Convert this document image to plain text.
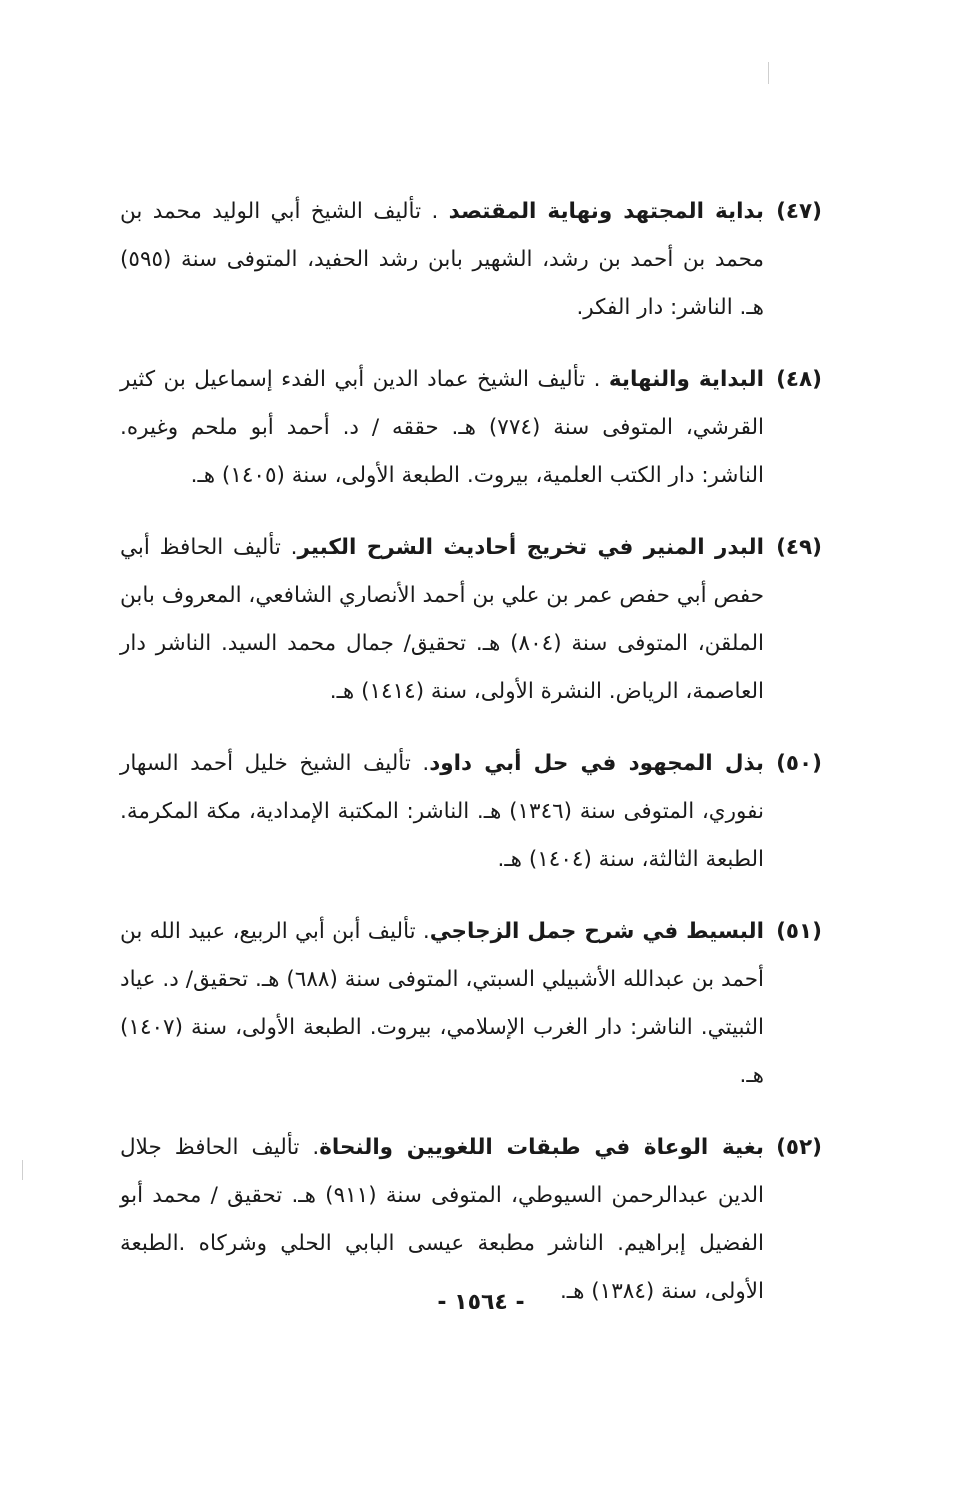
(٤٧)
بداية المجتهد ونهاية المقتصد . تأليف الشيخ أبي الوليد محمد بن محمد بن أحمد بن رشد، الشهير بابن رشد الحفيد، المتوفى سنة (٥٩٥) هـ. الناشر: دار الفكر.
(٤٨)
البداية والنهاية . تأليف الشيخ عماد الدين أبي الفدء إسماعيل بن كثير القرشي، المتوفى سنة (٧٧٤) هـ. حققه / د. أحمد أبو ملحم وغيره. الناشر: دار الكتب العلمية، بيروت. الطبعة الأولى، سنة (١٤٠٥) هـ.
(٤٩)
البدر المنير في تخريج أحاديث الشرح الكبير. تأليف الحافظ أبي حفص أبي حفص عمر بن علي بن أحمد الأنصاري الشافعي، المعروف بابن الملقن، المتوفى سنة (٨٠٤) هـ. تحقيق/ جمال محمد السيد. الناشر دار العاصمة، الرياض. النشرة الأولى، سنة (١٤١٤) هـ.
(٥٠)
بذل المجهود في حل أبي داود. تأليف الشيخ خليل أحمد السهار نفوري، المتوفى سنة (١٣٤٦) هـ. الناشر: المكتبة الإمدادية، مكة المكرمة. الطبعة الثالثة، سنة (١٤٠٤) هـ.
(٥١)
البسيط في شرح جمل الزجاجي. تأليف أبن أبي الربيع، عبيد الله بن أحمد بن عبدالله الأشبيلي السبتي، المتوفى سنة (٦٨٨) هـ. تحقيق/ د. عياد الثبيتي. الناشر: دار الغرب الإسلامي، بيروت. الطبعة الأولى، سنة (١٤٠٧) هـ.
(٥٢)
بغية الوعاة في طبقات اللغويين والنحاة. تأليف الحافظ جلال الدين عبدالرحمن السيوطي، المتوفى سنة (٩١١) هـ. تحقيق / محمد أبو الفضيل إبراهيم. الناشر مطبعة عيسى البابي الحلي وشركاه .الطبعة الأولى، سنة (١٣٨٤) هـ.
- ١٥٦٤ -
